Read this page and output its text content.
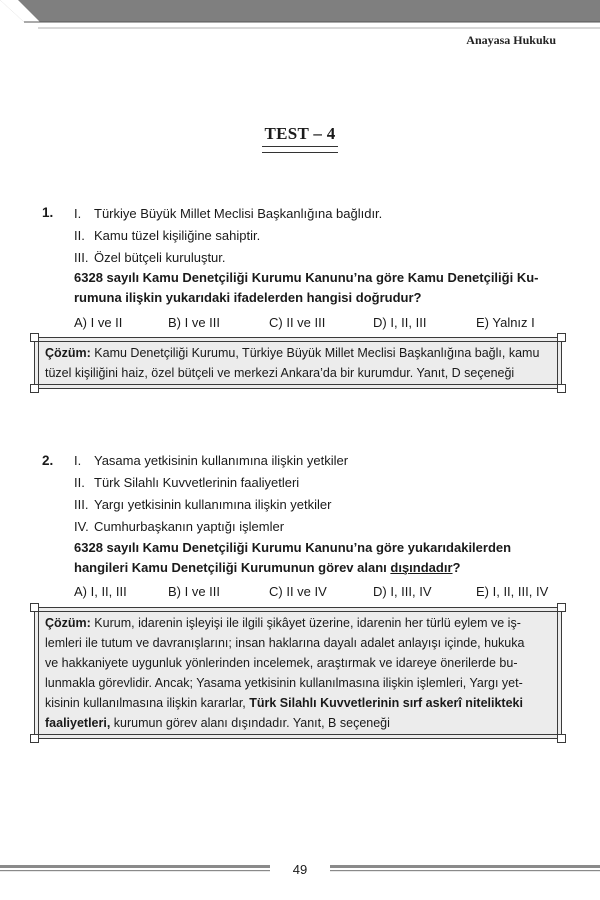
Anayasa Hukuku
TEST – 4
1. I. Türkiye Büyük Millet Meclisi Başkanlığına bağlıdır.
II. Kamu tüzel kişiliğine sahiptir.
III. Özel bütçeli kuruluştur.
6328 sayılı Kamu Denetçiliği Kurumu Kanunu’na göre Kamu Denetçiliği Ku-
rumuna ilişkin yukarıdaki ifadelerden hangisi doğrudur?
A) I ve II	B) I ve III	C) II ve III	D) I, II, III	E) Yalnız I
Çözüm: Kamu Denetçiliği Kurumu, Türkiye Büyük Millet Meclisi Başkanlığına bağlı, kamu
tüzel kişiliğini haiz, özel bütçeli ve merkezi Ankara’da bir kurumdur. Yanıt, D seçeneği
2. I. Yasama yetkisinin kullanımına ilişkin yetkiler
II. Türk Silahlı Kuvvetlerinin faaliyetleri
III. Yargı yetkisinin kullanımına ilişkin yetkiler
IV. Cumhurbaşkanın yaptığı işlemler
6328 sayılı Kamu Denetçiliği Kurumu Kanunu’na göre yukarıdakilerden
hangileri Kamu Denetçiliği Kurumunun görev alanı dışındadır?
A) I, II, III	B) I ve III	C) II ve IV	D) I, III, IV	E) I, II, III, IV
Çözüm: Kurum, idarenin işleyişi ile ilgili şikâyet üzerine, idarenin her türlü eylem ve iş-
lemleri ile tutum ve davranışlarını; insan haklarına dayalı adalet anlayışı içinde, hukuka
ve hakkaniyete uygunluk yönlerinden incelemek, araştırmak ve idareye önerilerde bu-
lunmakla görevlidir. Ancak; Yasama yetkisinin kullanılmasına ilişkin işlemleri, Yargı yet-
kisinin kullanılmasına ilişkin kararlar, Türk Silahlı Kuvvetlerinin sırf askerî nitelikteki
faaliyetleri, kurumun görev alanı dışındadır. Yanıt, B seçeneği
49
